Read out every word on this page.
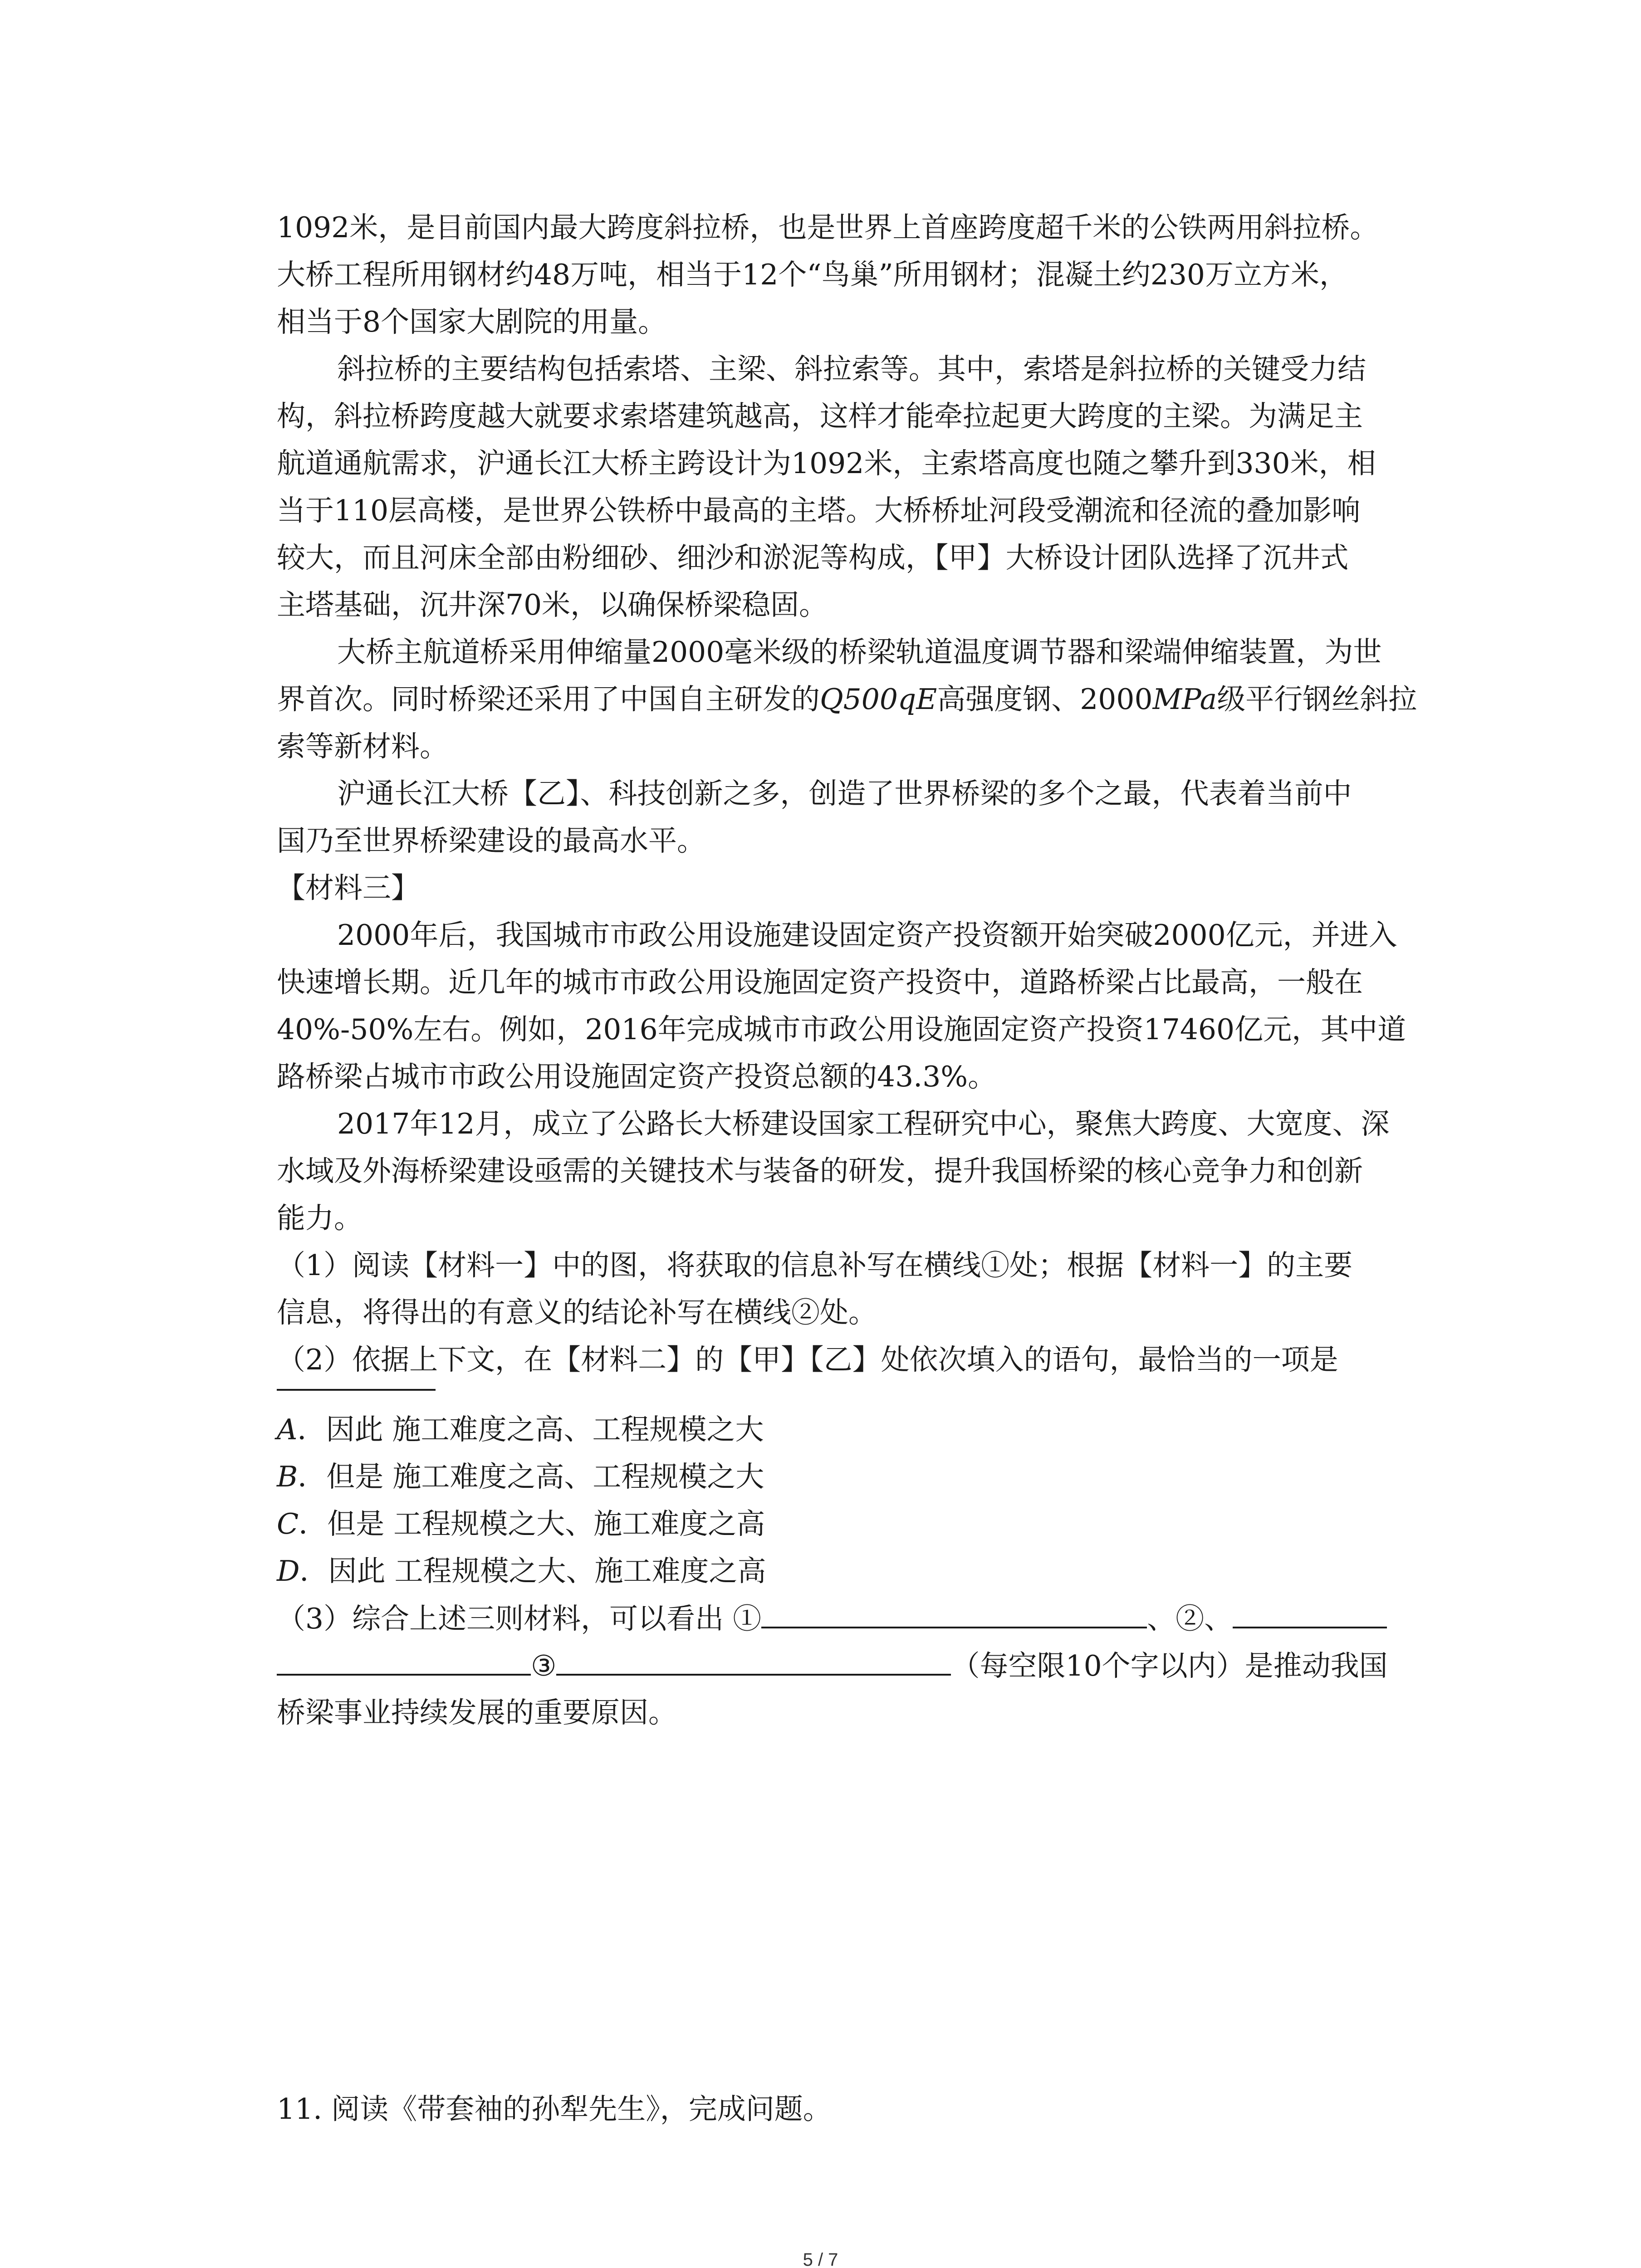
1092米，是目前国内最大跨度斜拉桥，也是世界上首座跨度超千米的公铁两用斜拉桥。
大桥工程所用钢材约48万吨，相当于12个“鸟巢”所用钢材；混凝土约230万立方米，
相当于8个国家大剧院的用量。
斜拉桥的主要结构包括索塔、主梁、斜拉索等。其中，索塔是斜拉桥的关键受力结
构，斜拉桥跨度越大就要求索塔建筑越高，这样才能牵拉起更大跨度的主梁。为满足主
航道通航需求，沪通长江大桥主跨设计为1092米，主索塔高度也随之攀升到330米，相
当于110层高楼，是世界公铁桥中最高的主塔。大桥桥址河段受潮流和径流的叠加影响
较大，而且河床全部由粉细砂、细沙和淤泥等构成，【甲】大桥设计团队选择了沉井式
主塔基础，沉井深70米，以确保桥梁稳固。
大桥主航道桥采用伸缩量2000毫米级的桥梁轨道温度调节器和梁端伸缩装置，为世
界首次。同时桥梁还采用了中国自主研发的Q500qE高强度钢、2000MPa级平行钢丝斜拉
索等新材料。
沪通长江大桥【乙】、科技创新之多，创造了世界桥梁的多个之最，代表着当前中
国乃至世界桥梁建设的最高水平。
【材料三】
2000年后，我国城市市政公用设施建设固定资产投资额开始突破2000亿元，并进入
快速增长期。近几年的城市市政公用设施固定资产投资中，道路桥梁占比最高，一般在
40%-50%左右。例如，2016年完成城市市政公用设施固定资产投资17460亿元，其中道
路桥梁占城市市政公用设施固定资产投资总额的43.3%。
2017年12月，成立了公路长大桥建设国家工程研究中心，聚焦大跨度、大宽度、深
水域及外海桥梁建设亟需的关键技术与装备的研发，提升我国桥梁的核心竞争力和创新
能力。
（1）阅读【材料一】中的图，将获取的信息补写在横线①处；根据【材料一】的主要
信息，将得出的有意义的结论补写在横线②处。
（2）依据上下文，在【材料二】的【甲】【乙】处依次填入的语句，最恰当的一项是
A．因此 施工难度之高、工程规模之大
B．但是 施工难度之高、工程规模之大
C．但是 工程规模之大、施工难度之高
D．因此 工程规模之大、施工难度之高
（3）综合上述三则材料，可以看出 ①	、②、
③	（每空限10个字以内）是推动我国
桥梁事业持续发展的重要原因。
11. 阅读《带套袖的孙犁先生》，完成问题。
5 / 7
